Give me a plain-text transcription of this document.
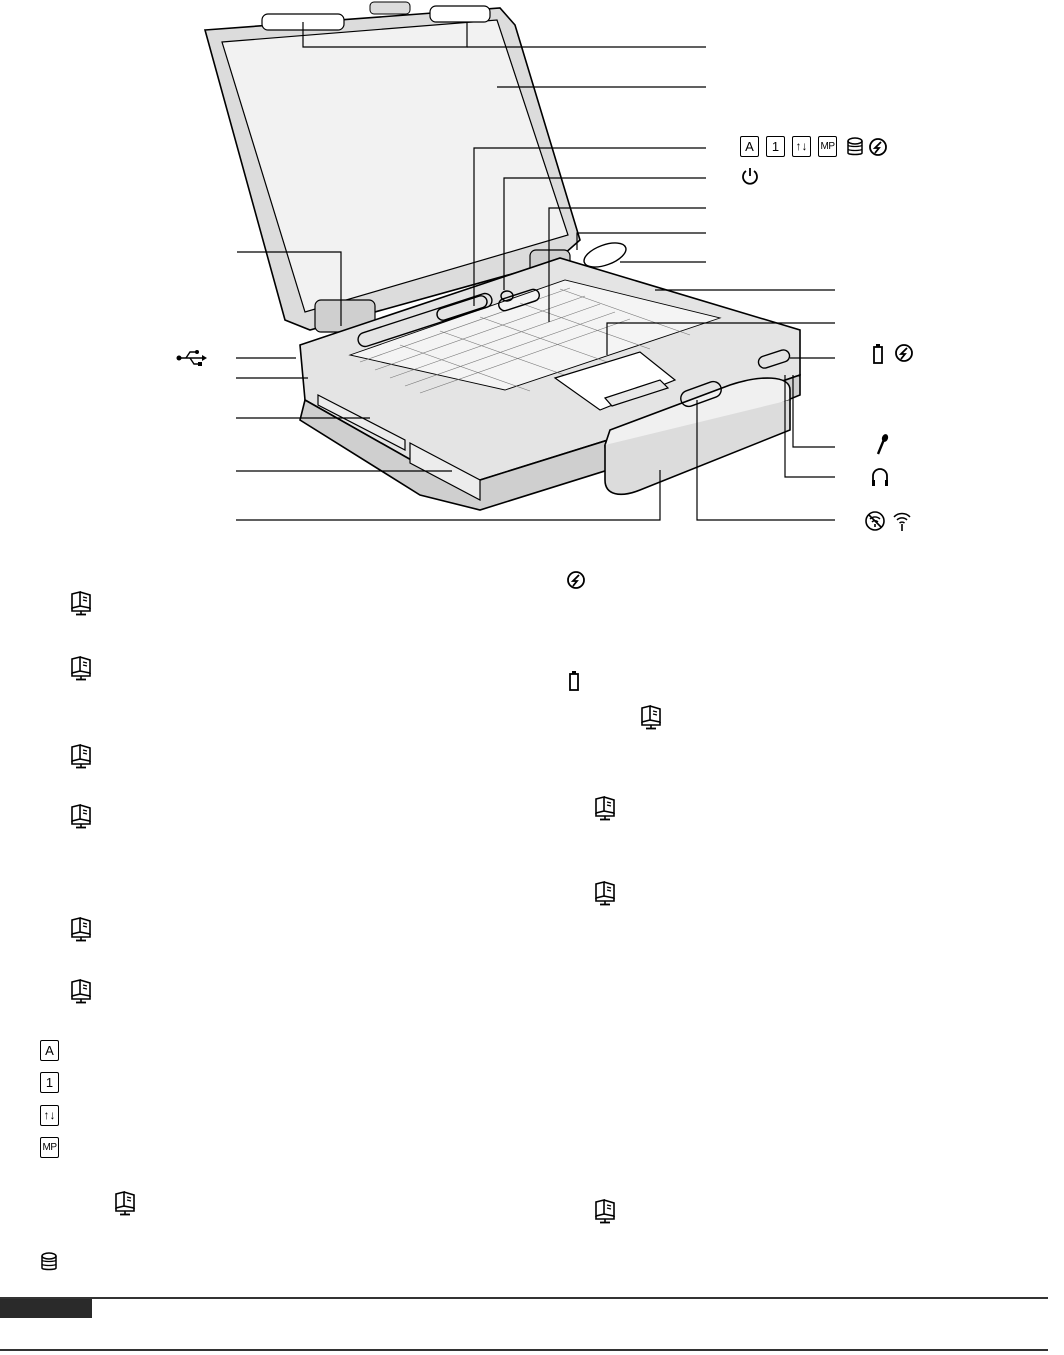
A	1	↑↓	MP
A
1
↑↓
MP
